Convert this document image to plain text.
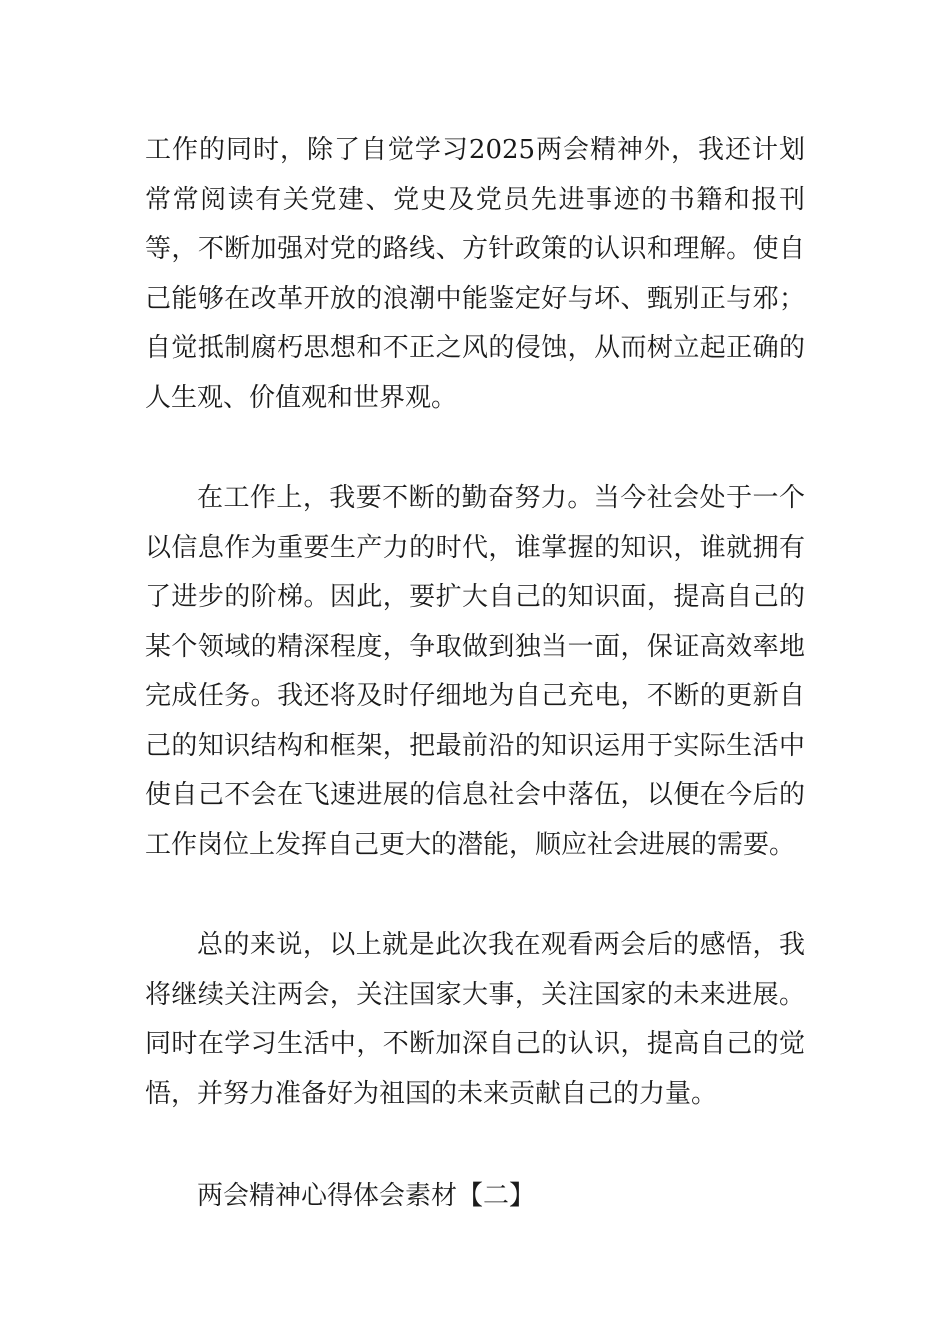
工作的同时，除了自觉学习2025两会精神外，我还计划常常阅读有关党建、党史及党员先进事迹的书籍和报刊等，不断加强对党的路线、方针政策的认识和理解。使自己能够在改革开放的浪潮中能鉴定好与坏、甄别正与邪；自觉抵制腐朽思想和不正之风的侵蚀，从而树立起正确的人生观、价值观和世界观。

在工作上，我要不断的勤奋努力。当今社会处于一个以信息作为重要生产力的时代，谁掌握的知识，谁就拥有了进步的阶梯。因此，要扩大自己的知识面，提高自己的某个领域的精深程度，争取做到独当一面，保证高效率地完成任务。我还将及时仔细地为自己充电，不断的更新自己的知识结构和框架，把最前沿的知识运用于实际生活中使自己不会在飞速进展的信息社会中落伍，以便在今后的工作岗位上发挥自己更大的潜能，顺应社会进展的需要。

总的来说，以上就是此次我在观看两会后的感悟，我将继续关注两会，关注国家大事，关注国家的未来进展。同时在学习生活中，不断加深自己的认识，提高自己的觉悟，并努力准备好为祖国的未来贡献自己的力量。

两会精神心得体会素材【二】
